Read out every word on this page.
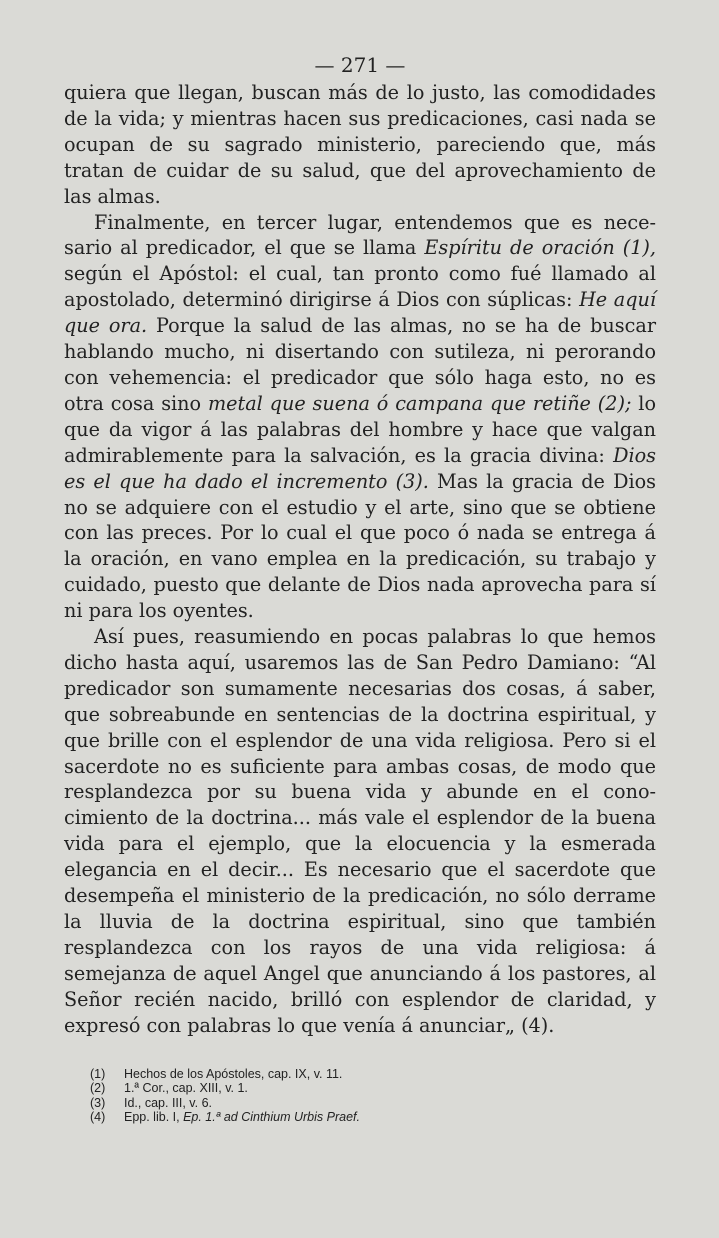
— 271 —

quiera que llegan, buscan más de lo justo, las comodidades de la vida; y mientras hacen sus predicaciones, casi nada se ocupan de su sagrado ministerio, pareciendo que, más tratan de cuidar de su salud, que del aprovechamiento de las almas.

Finalmente, en tercer lugar, entendemos que es necesario al predicador, el que se llama Espíritu de oración (1), según el Apóstol: el cual, tan pronto como fué llamado al apostolado, determinó dirigirse á Dios con súplicas: He aquí que ora. Porque la salud de las almas, no se ha de buscar hablando mucho, ni disertando con sutileza, ni perorando con vehemencia: el predicador que sólo haga esto, no es otra cosa sino metal que suena ó campana que retiñe (2); lo que da vigor á las palabras del hombre y hace que valgan admirablemente para la salvación, es la gracia divina: Dios es el que ha dado el incremento (3). Mas la gracia de Dios no se adquiere con el estudio y el arte, sino que se obtiene con las preces. Por lo cual el que poco ó nada se entrega á la oración, en vano emplea en la predicación, su trabajo y cuidado, puesto que delante de Dios nada aprovecha para sí ni para los oyentes.

Así pues, reasumiendo en pocas palabras lo que hemos dicho hasta aquí, usaremos las de San Pedro Damiano: “Al predicador son sumamente necesarias dos cosas, á saber, que sobreabunde en sentencias de la doctrina espiritual, y que brille con el esplendor de una vida religiosa. Pero si el sacerdote no es suficiente para ambas cosas, de modo que resplandezca por su buena vida y abunde en el conocimiento de la doctrina... más vale el esplendor de la buena vida para el ejemplo, que la elocuencia y la esmerada elegancia en el decir... Es necesario que el sacerdote que desempeña el ministerio de la predicación, no sólo derrame la lluvia de la doctrina espiritual, sino que también resplandezca con los rayos de una vida religiosa: á semejanza de aquel Angel que anunciando á los pastores, al Señor recién nacido, brilló con esplendor de claridad, y expresó con palabras lo que venía á anunciar„ (4).

(1)	Hechos de los Apóstoles, cap. IX, v. 11.
(2)	1.ª Cor., cap. XIII, v. 1.
(3)	Id., cap. III, v. 6.
(4)	Epp. lib. I, Ep. 1.ª ad Cinthium Urbis Praef.
